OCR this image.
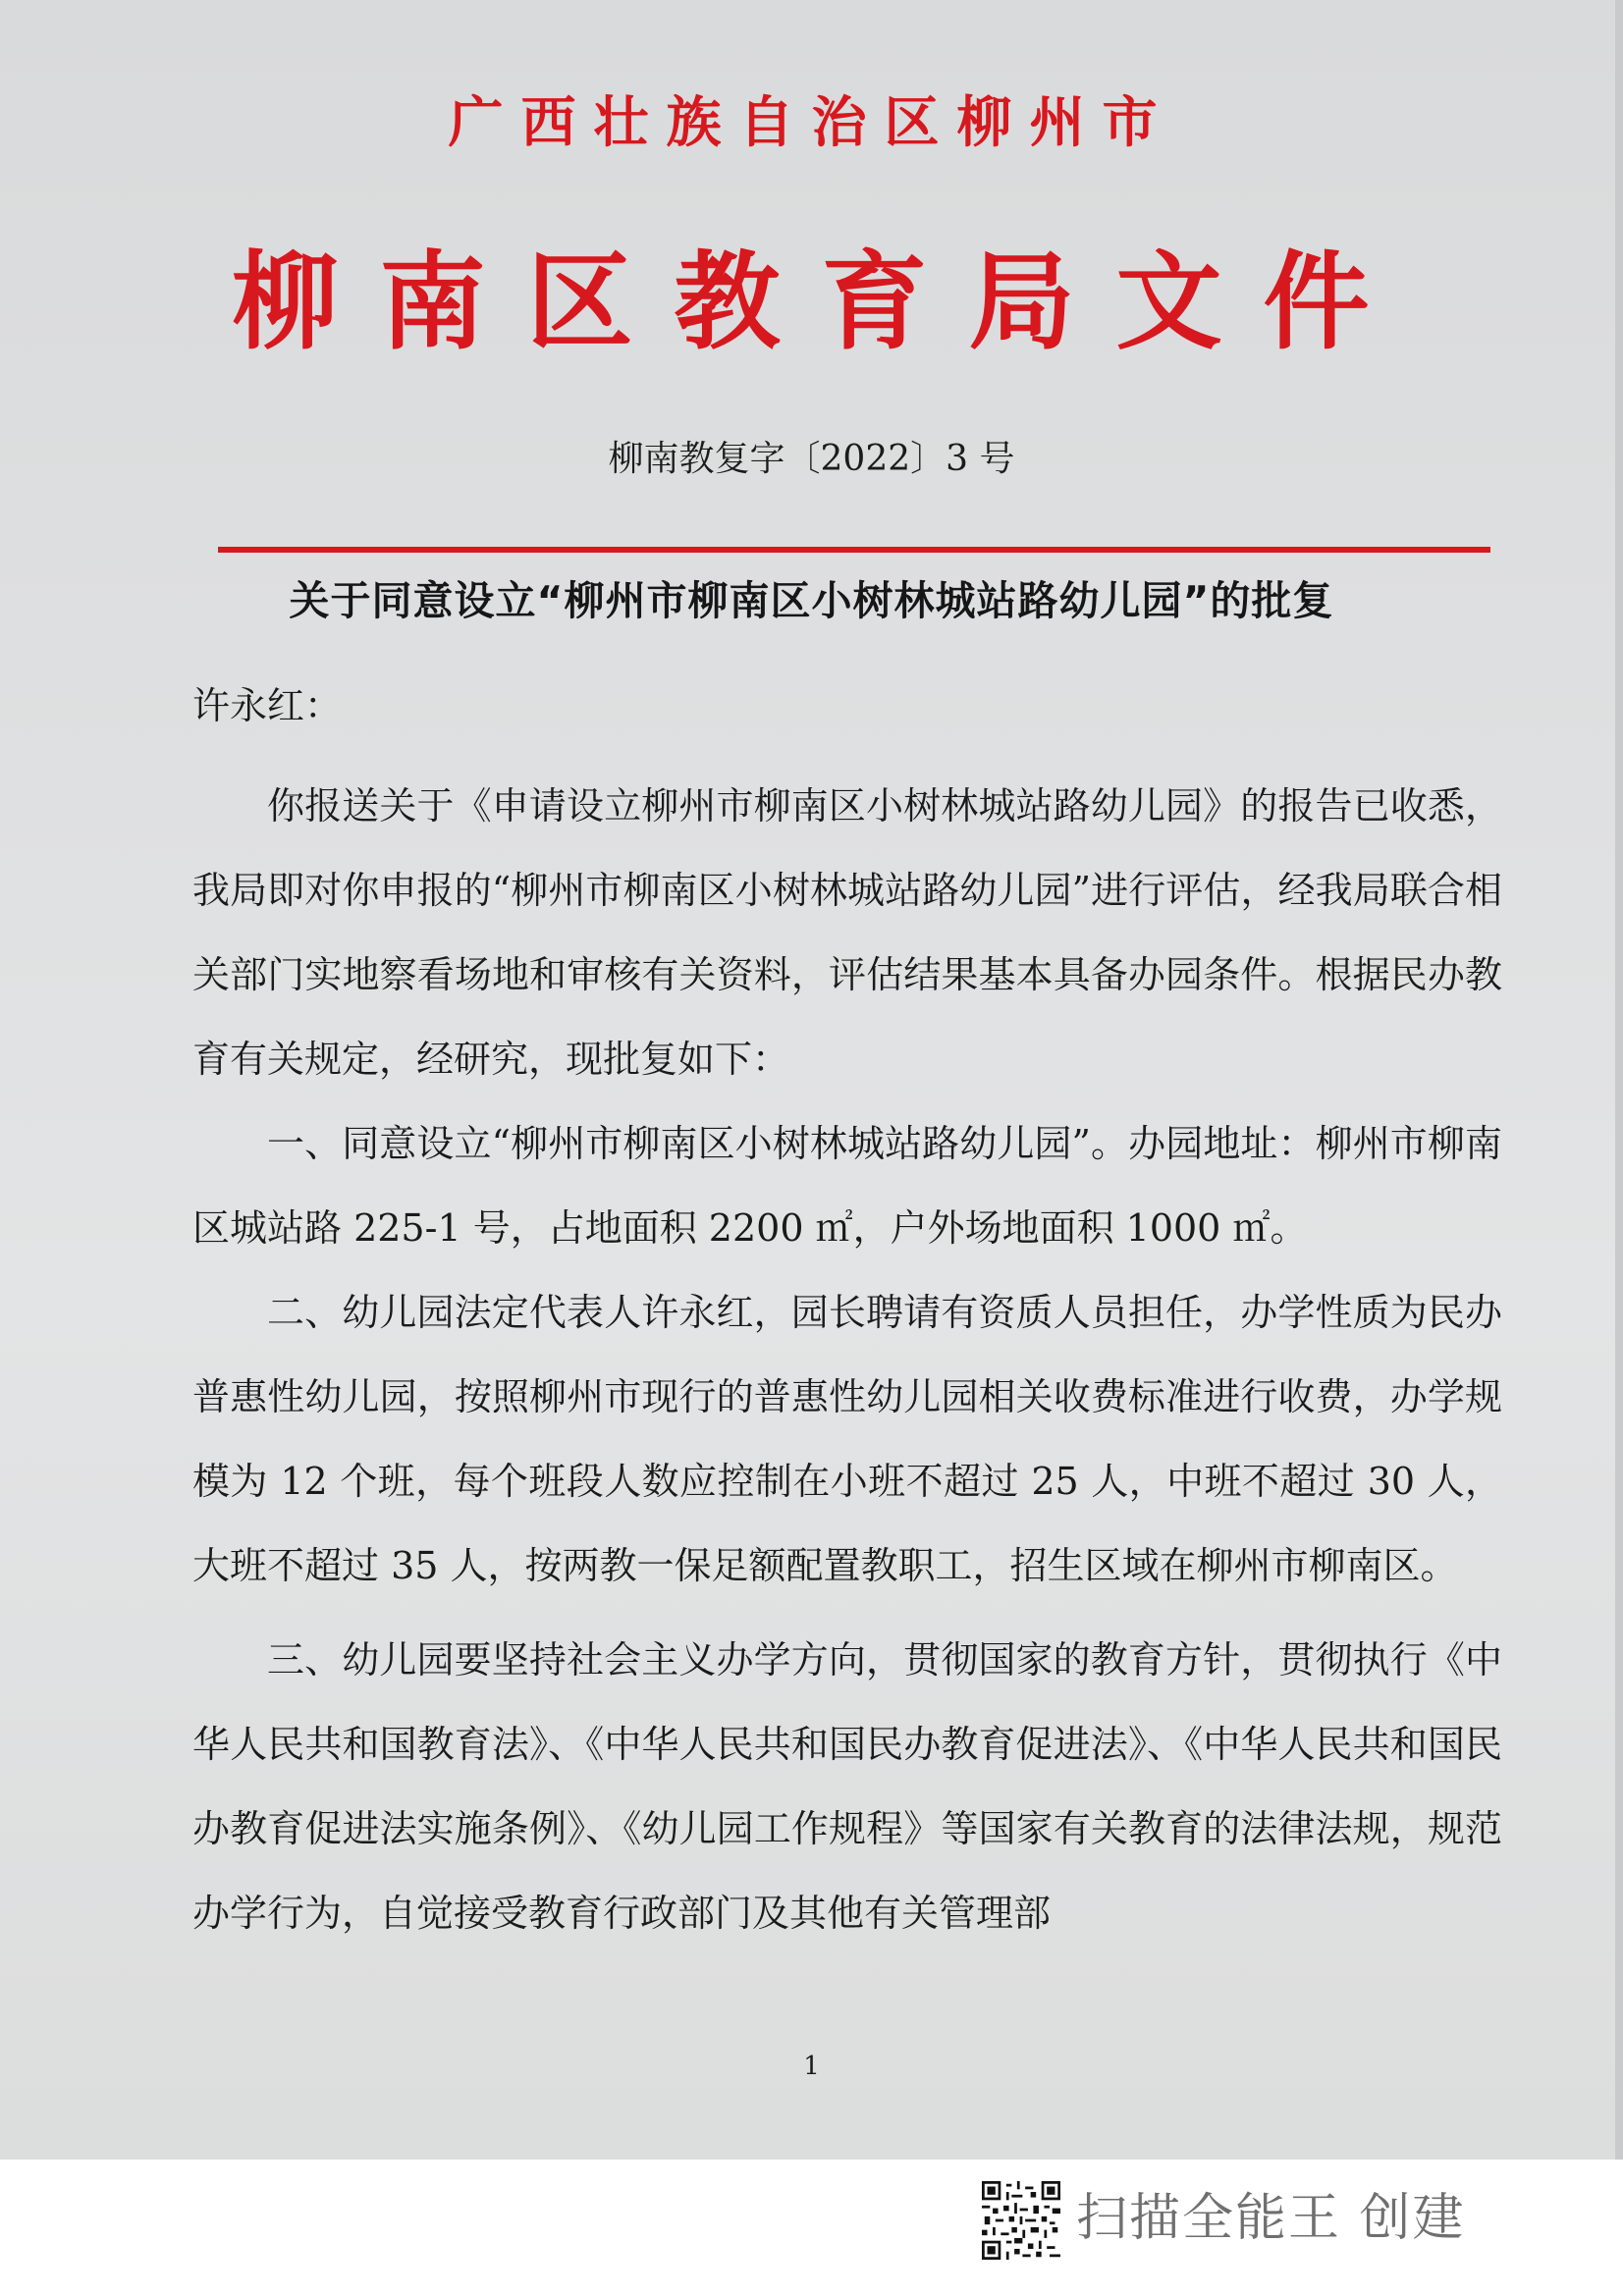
广西壮族自治区柳州市
柳南区教育局文件
柳南教复字〔2022〕3 号
关于同意设立“柳州市柳南区小树林城站路幼儿园”的批复
许永红：

你报送关于《申请设立柳州市柳南区小树林城站路幼儿园》的报告已收悉，我局即对你申报的“柳州市柳南区小树林城站路幼儿园”进行评估，经我局联合相关部门实地察看场地和审核有关资料，评估结果基本具备办园条件。根据民办教育有关规定，经研究，现批复如下：

一、同意设立“柳州市柳南区小树林城站路幼儿园”。办园地址：柳州市柳南区城站路 225-1 号，占地面积 2200 ㎡，户外场地面积 1000 ㎡。

二、幼儿园法定代表人许永红，园长聘请有资质人员担任，办学性质为民办普惠性幼儿园，按照柳州市现行的普惠性幼儿园相关收费标准进行收费，办学规模为 12 个班，每个班段人数应控制在小班不超过 25 人，中班不超过 30 人，大班不超过 35 人，按两教一保足额配置教职工，招生区域在柳州市柳南区。

三、幼儿园要坚持社会主义办学方向，贯彻国家的教育方针，贯彻执行《中华人民共和国教育法》、《中华人民共和国民办教育促进法》、《中华人民共和国民办教育促进法实施条例》、《幼儿园工作规程》等国家有关教育的法律法规，规范办学行为，自觉接受教育行政部门及其他有关管理部

1
扫描全能王 创建
